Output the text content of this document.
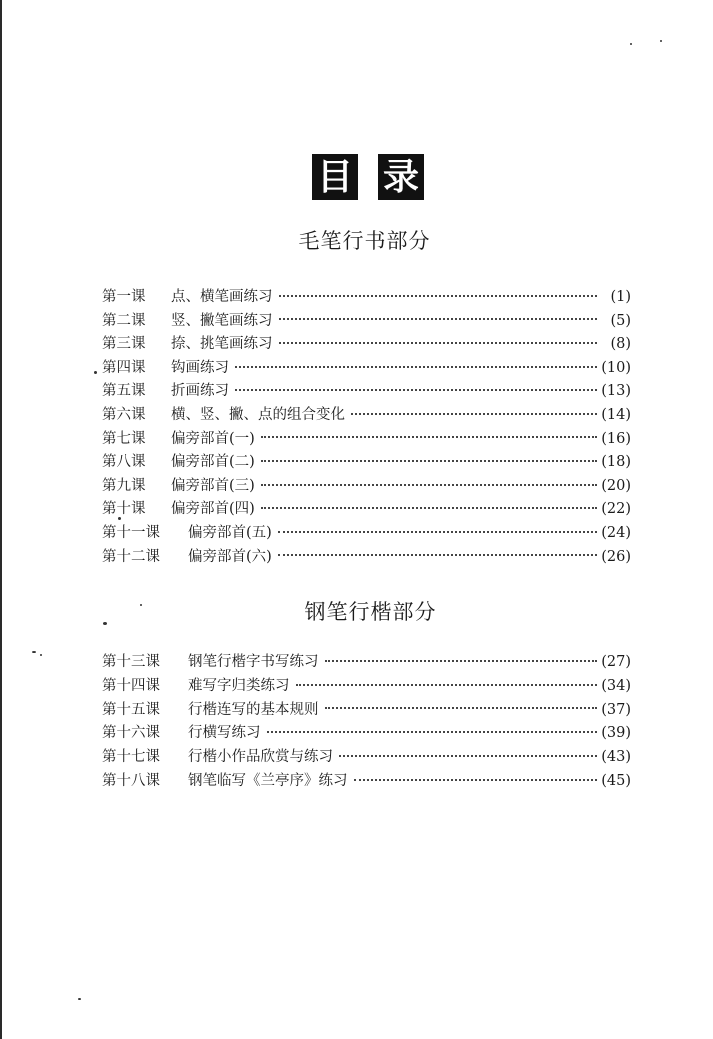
目 录
毛笔行书部分
第一课	点、横笔画练习	(1)
第二课	竖、撇笔画练习	(5)
第三课	捺、挑笔画练习	(8)
第四课	钩画练习	(10)
第五课	折画练习	(13)
第六课	横、竖、撇、点的组合变化	(14)
第七课	偏旁部首(一)	(16)
第八课	偏旁部首(二)	(18)
第九课	偏旁部首(三)	(20)
第十课	偏旁部首(四)	(22)
第十一课	偏旁部首(五)	(24)
第十二课	偏旁部首(六)	(26)
钢笔行楷部分
第十三课	钢笔行楷字书写练习	(27)
第十四课	难写字归类练习	(34)
第十五课	行楷连写的基本规则	(37)
第十六课	行横写练习	(39)
第十七课	行楷小作品欣赏与练习	(43)
第十八课	钢笔临写《兰亭序》练习	(45)
